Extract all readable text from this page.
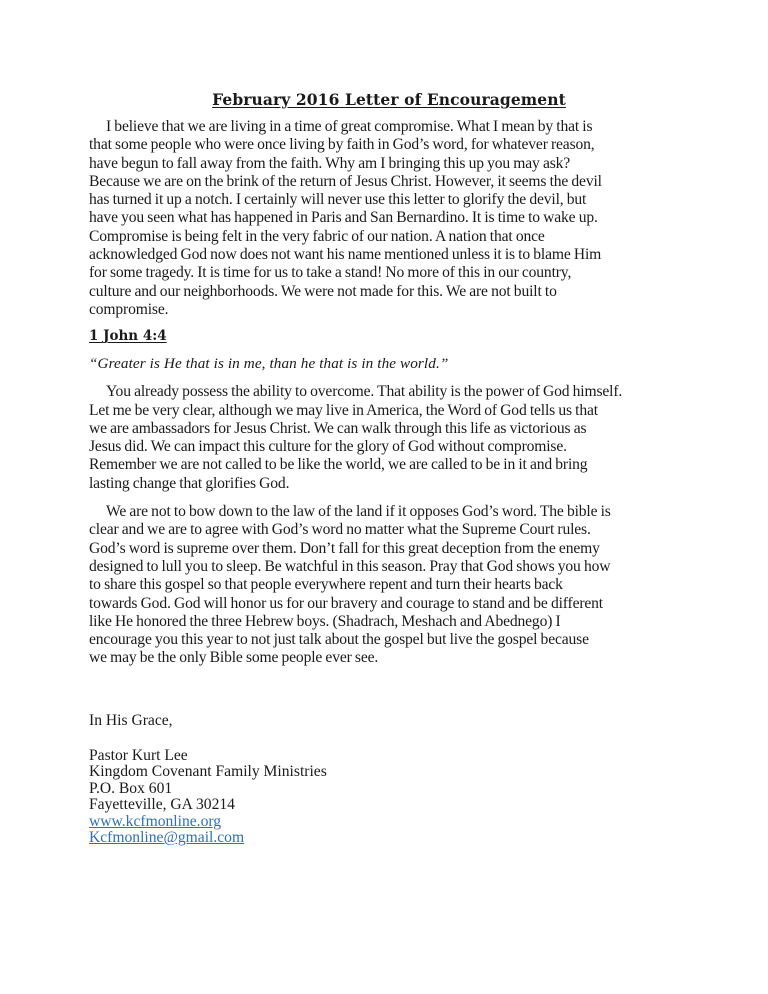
February 2016 Letter of Encouragement

I believe that we are living in a time of great compromise. What I mean by that is
that some people who were once living by faith in God’s word, for whatever reason,
have begun to fall away from the faith. Why am I bringing this up you may ask?
Because we are on the brink of the return of Jesus Christ. However, it seems the devil
has turned it up a notch. I certainly will never use this letter to glorify the devil, but
have you seen what has happened in Paris and San Bernardino. It is time to wake up.
Compromise is being felt in the very fabric of our nation. A nation that once
acknowledged God now does not want his name mentioned unless it is to blame Him
for some tragedy. It is time for us to take a stand! No more of this in our country,
culture and our neighborhoods. We were not made for this. We are not built to
compromise.

1 John 4:4

“Greater is He that is in me, than he that is in the world.”

You already possess the ability to overcome. That ability is the power of God himself.
Let me be very clear, although we may live in America, the Word of God tells us that
we are ambassadors for Jesus Christ. We can walk through this life as victorious as
Jesus did. We can impact this culture for the glory of God without compromise.
Remember we are not called to be like the world, we are called to be in it and bring
lasting change that glorifies God.

We are not to bow down to the law of the land if it opposes God’s word. The bible is
clear and we are to agree with God’s word no matter what the Supreme Court rules.
God’s word is supreme over them. Don’t fall for this great deception from the enemy
designed to lull you to sleep. Be watchful in this season. Pray that God shows you how
to share this gospel so that people everywhere repent and turn their hearts back
towards God. God will honor us for our bravery and courage to stand and be different
like He honored the three Hebrew boys. (Shadrach, Meshach and Abednego) I
encourage you this year to not just talk about the gospel but live the gospel because
we may be the only Bible some people ever see.

In His Grace,
Pastor Kurt Lee
Kingdom Covenant Family Ministries
P.O. Box 601
Fayetteville, GA 30214
www.kcfmonline.org
Kcfmonline@gmail.com
